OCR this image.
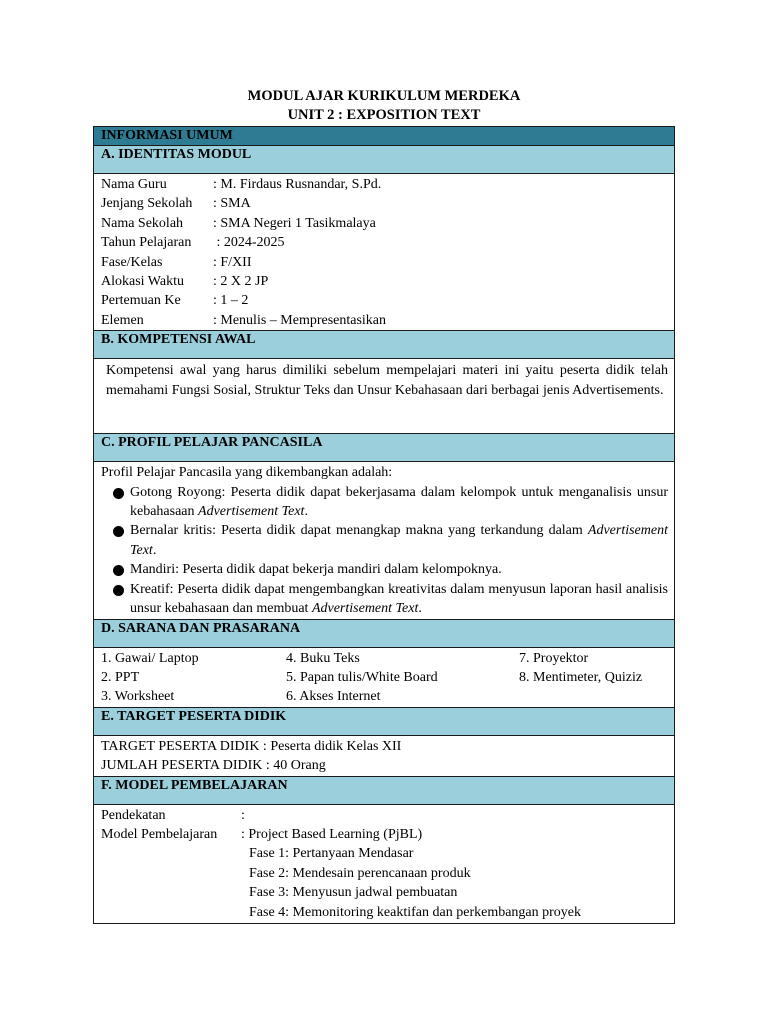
MODUL AJAR KURIKULUM MERDEKA
UNIT 2 : EXPOSITION TEXT
INFORMASI UMUM
A. IDENTITAS MODUL

Nama Guru	: M. Firdaus Rusnandar, S.Pd.
Jenjang Sekolah	: SMA
Nama Sekolah	: SMA Negeri 1 Tasikmalaya
Tahun Pelajaran	: 2024-2025
Fase/Kelas	: F/XII
Alokasi Waktu	: 2 X 2 JP
Pertemuan Ke	: 1 – 2
Elemen	: Menulis – Mempresentasikan

B. KOMPETENSI AWAL

Kompetensi awal yang harus dimiliki sebelum mempelajari materi ini yaitu peserta didik telah memahami Fungsi Sosial, Struktur Teks dan Unsur Kebahasaan dari berbagai jenis Advertisements.

C. PROFIL PELAJAR PANCASILA

Profil Pelajar Pancasila yang dikembangkan adalah:
Gotong Royong: Peserta didik dapat bekerjasama dalam kelompok untuk menganalisis unsur kebahasaan Advertisement Text.
Bernalar kritis: Peserta didik dapat menangkap makna yang terkandung dalam Advertisement Text.
Mandiri: Peserta didik dapat bekerja mandiri dalam kelompoknya.
Kreatif: Peserta didik dapat mengembangkan kreativitas dalam menyusun laporan hasil analisis unsur kebahasaan dan membuat Advertisement Text.

D. SARANA DAN PRASARANA

1. Gawai/ Laptop	4. Buku Teks	7. Proyektor
2. PPT	5. Papan tulis/White Board	8. Mentimeter, Quiziz
3. Worksheet	6. Akses Internet

E. TARGET PESERTA DIDIK

TARGET PESERTA DIDIK : Peserta didik Kelas XII
JUMLAH PESERTA DIDIK : 40 Orang

F. MODEL PEMBELAJARAN

Pendekatan	:
Model Pembelajaran	: Project Based Learning (PjBL)
Fase 1: Pertanyaan Mendasar
Fase 2: Mendesain perencanaan produk
Fase 3: Menyusun jadwal pembuatan
Fase 4: Memonitoring keaktifan dan perkembangan proyek
